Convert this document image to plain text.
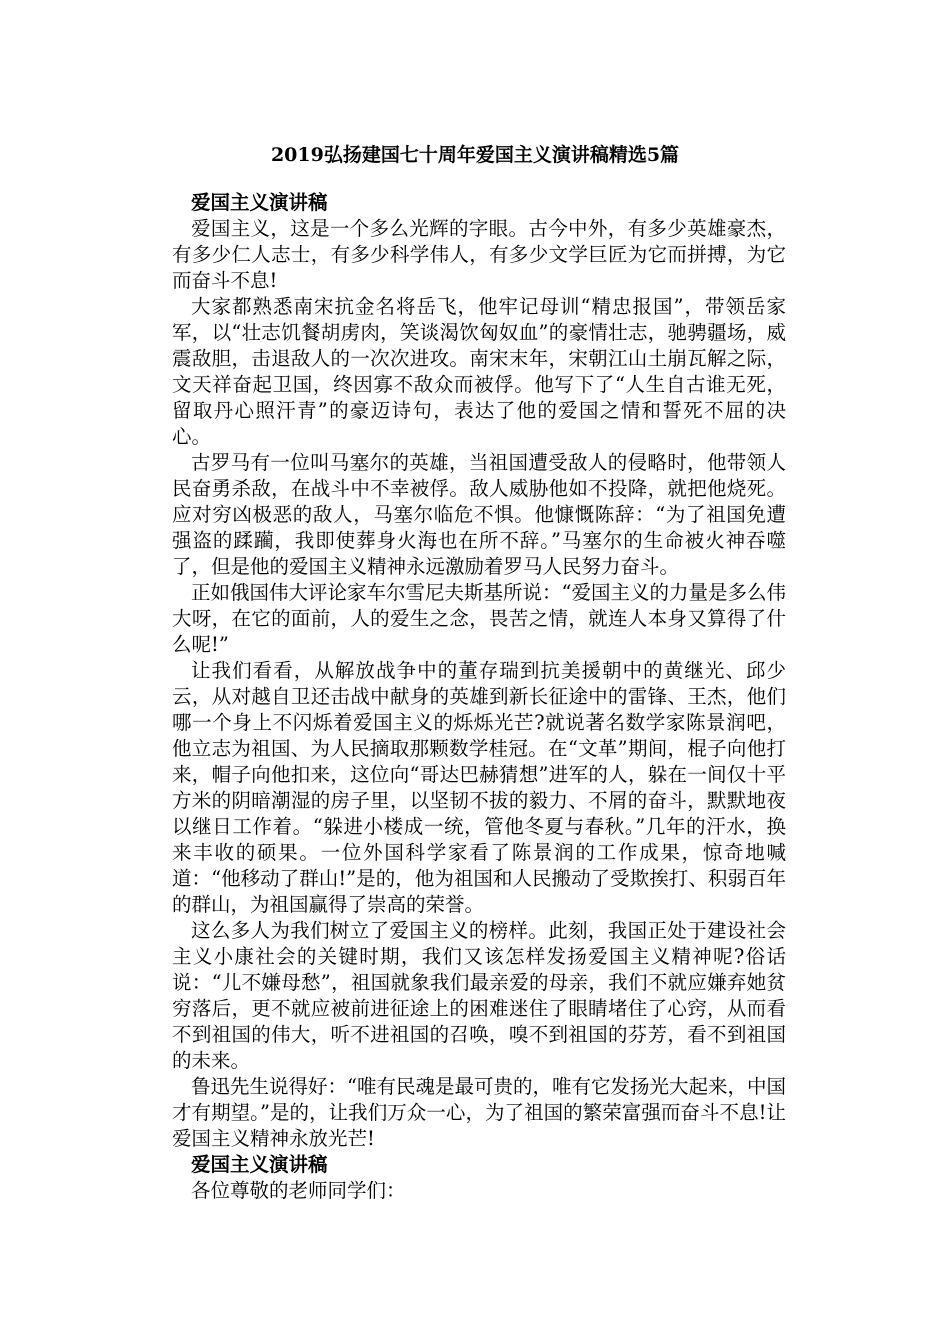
2019弘扬建国七十周年爱国主义演讲稿精选5篇
爱国主义演讲稿

爱国主义，这是一个多么光辉的字眼。古今中外，有多少英雄豪杰，有多少仁人志士，有多少科学伟人，有多少文学巨匠为它而拼搏，为它而奋斗不息!

大家都熟悉南宋抗金名将岳飞，他牢记母训“精忠报国”，带领岳家军，以“壮志饥餐胡虏肉，笑谈渴饮匈奴血”的豪情壮志，驰骋疆场，威震敌胆，击退敌人的一次次进攻。南宋末年，宋朝江山土崩瓦解之际，文天祥奋起卫国，终因寡不敌众而被俘。他写下了“人生自古谁无死，留取丹心照汗青”的豪迈诗句，表达了他的爱国之情和誓死不屈的决心。

古罗马有一位叫马塞尔的英雄，当祖国遭受敌人的侵略时，他带领人民奋勇杀敌，在战斗中不幸被俘。敌人威胁他如不投降，就把他烧死。应对穷凶极恶的敌人，马塞尔临危不惧。他慷慨陈辞：“为了祖国免遭强盗的蹂躏，我即使葬身火海也在所不辞。”马塞尔的生命被火神吞噬了，但是他的爱国主义精神永远激励着罗马人民努力奋斗。

正如俄国伟大评论家车尔雪尼夫斯基所说：“爱国主义的力量是多么伟大呀，在它的面前，人的爱生之念，畏苦之情，就连人本身又算得了什么呢!”

让我们看看，从解放战争中的董存瑞到抗美援朝中的黄继光、邱少云，从对越自卫还击战中献身的英雄到新长征途中的雷锋、王杰，他们哪一个身上不闪烁着爱国主义的烁烁光芒?就说著名数学家陈景润吧，他立志为祖国、为人民摘取那颗数学桂冠。在“文革”期间，棍子向他打来，帽子向他扣来，这位向“哥达巴赫猜想”进军的人，躲在一间仅十平方米的阴暗潮湿的房子里，以坚韧不拔的毅力、不屑的奋斗，默默地夜以继日工作着。“躲进小楼成一统，管他冬夏与春秋。”几年的汗水，换来丰收的硕果。一位外国科学家看了陈景润的工作成果，惊奇地喊道：“他移动了群山!”是的，他为祖国和人民搬动了受欺挨打、积弱百年的群山，为祖国赢得了崇高的荣誉。

这么多人为我们树立了爱国主义的榜样。此刻，我国正处于建设社会主义小康社会的关键时期，我们又该怎样发扬爱国主义精神呢?俗话说：“儿不嫌母愁”，祖国就象我们最亲爱的母亲，我们不就应嫌弃她贫穷落后，更不就应被前进征途上的困难迷住了眼睛堵住了心窍，从而看不到祖国的伟大，听不进祖国的召唤，嗅不到祖国的芬芳，看不到祖国的未来。

鲁迅先生说得好：“唯有民魂是最可贵的，唯有它发扬光大起来，中国才有期望。”是的，让我们万众一心，为了祖国的繁荣富强而奋斗不息!让爱国主义精神永放光芒!

爱国主义演讲稿

各位尊敬的老师同学们：
